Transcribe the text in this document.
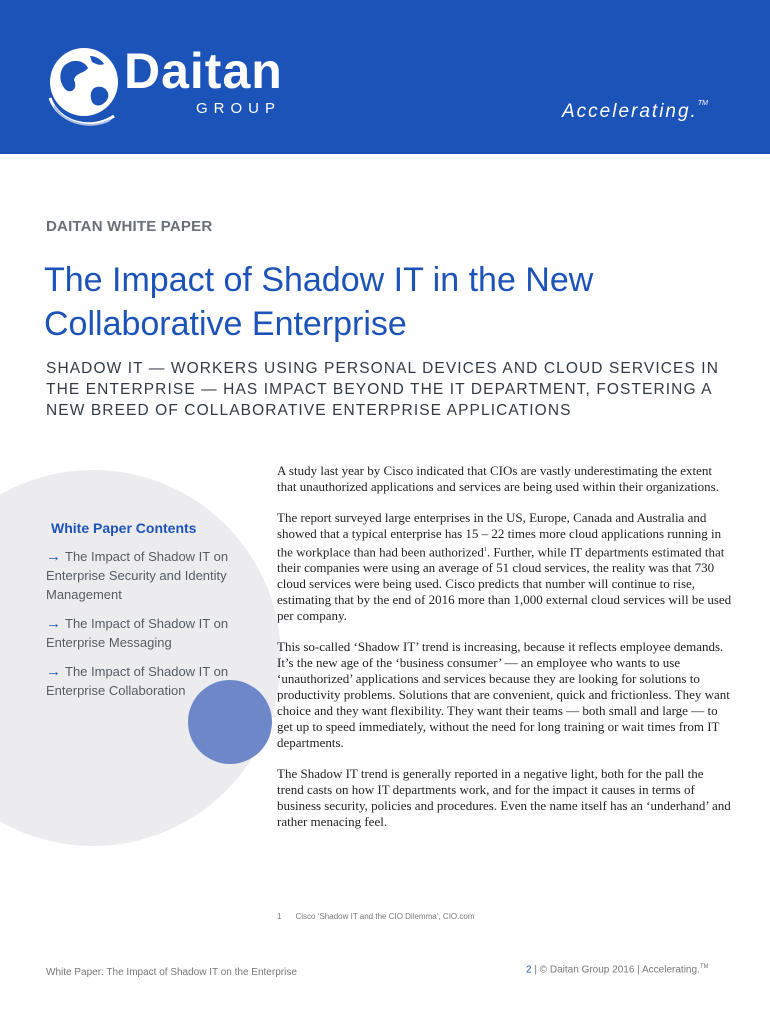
Daitan
GROUP	Accelerating.™
DAITAN WHITE PAPER
The Impact of Shadow IT in the New Collaborative Enterprise
SHADOW IT — WORKERS USING PERSONAL DEVICES AND CLOUD SERVICES IN THE ENTERPRISE — HAS IMPACT BEYOND THE IT DEPARTMENT, FOSTERING A NEW BREED OF COLLABORATIVE ENTERPRISE APPLICATIONS
White Paper Contents
→ The Impact of Shadow IT on Enterprise Security and Identity Management
→ The Impact of Shadow IT on Enterprise Messaging
→ The Impact of Shadow IT on Enterprise Collaboration

A study last year by Cisco indicated that CIOs are vastly underestimating the extent that unauthorized applications and services are being used within their organizations.

The report surveyed large enterprises in the US, Europe, Canada and Australia and showed that a typical enterprise has 15 – 22 times more cloud applications running in the workplace than had been authorized$^1$. Further, while IT departments estimated that their companies were using an average of 51 cloud services, the reality was that 730 cloud services were being used. Cisco predicts that number will continue to rise, estimating that by the end of 2016 more than 1,000 external cloud services will be used per company.

This so-called ‘Shadow IT’ trend is increasing, because it reflects employee demands. It’s the new age of the ‘business consumer’ — an employee who wants to use ‘unauthorized’ applications and services because they are looking for solutions to productivity problems. Solutions that are convenient, quick and frictionless. They want choice and they want flexibility. They want their teams — both small and large — to get up to speed immediately, without the need for long training or wait times from IT departments.

The Shadow IT trend is generally reported in a negative light, both for the pall the trend casts on how IT departments work, and for the impact it causes in terms of business security, policies and procedures. Even the name itself has an ‘underhand’ and rather menacing feel.

1 Cisco ‘Shadow IT and the CIO Dilemma’, CIO.com
White Paper: The Impact of Shadow IT on the Enterprise	2 | © Daitan Group 2016 | Accelerating.™
